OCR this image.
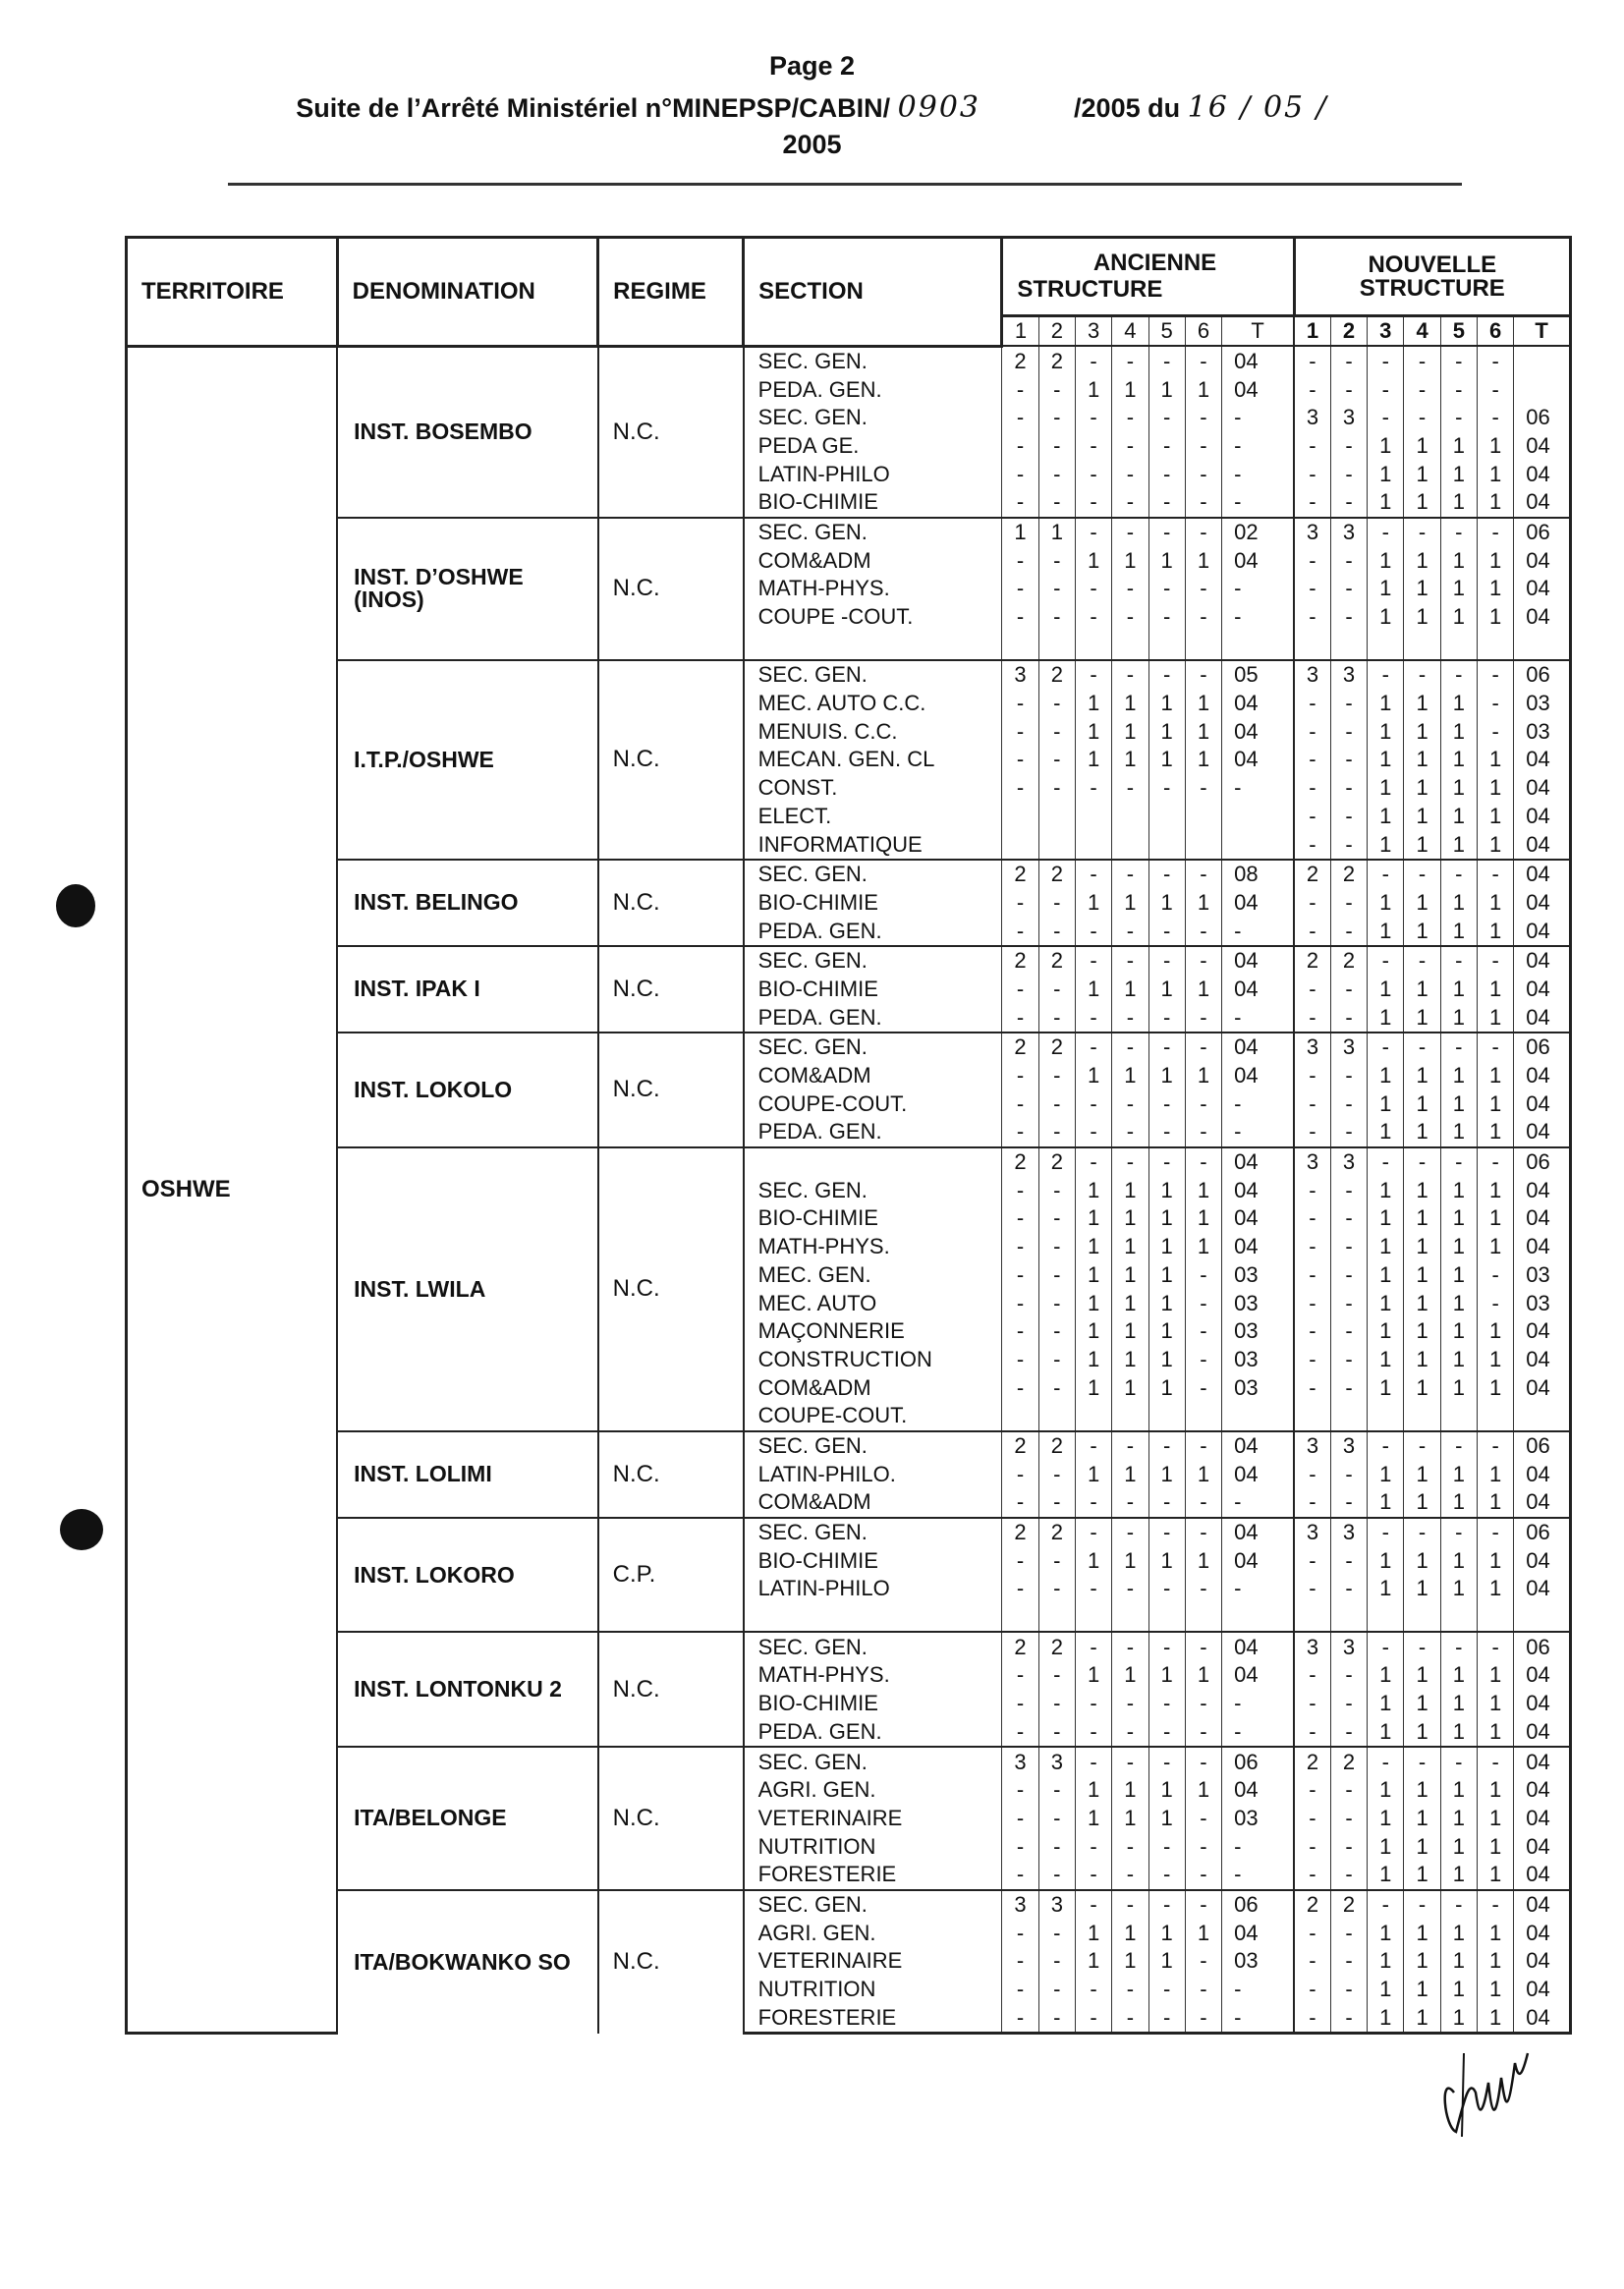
Page 2
Suite de l’Arrêté Ministériel n°MINEPSP/CABIN/ 0903	/2005 du 16 / 05 /
2005
TERRITOIRE	DENOMINATION	REGIME	SECTION	ANCIENNE
STRUCTURE							NOUVELLE STRUCTURE						
				1	2	3	4	5	6	T	1	2	3	4	5	6	T
OSHWE	INST. BOSEMBO	N.C.	SEC. GEN.	2	2	-	-	-	-	04	-	-	-	-	-	-	
			PEDA. GEN.	-	-	1	1	1	1	04	-	-	-	-	-	-	
			SEC. GEN.	-	-	-	-	-	-	-	3	3	-	-	-	-	06
			PEDA GE.	-	-	-	-	-	-	-	-	-	1	1	1	1	04
			LATIN-PHILO	-	-	-	-	-	-	-	-	-	1	1	1	1	04
			BIO-CHIMIE	-	-	-	-	-	-	-	-	-	1	1	1	1	04
	INST. D’OSHWE (INOS)	N.C.	SEC. GEN.	1	1	-	-	-	-	02	3	3	-	-	-	-	06
			COM&ADM	-	-	1	1	1	1	04	-	-	1	1	1	1	04
			MATH-PHYS.	-	-	-	-	-	-	-	-	-	1	1	1	1	04
			COUPE -COUT.	-	-	-	-	-	-	-	-	-	1	1	1	1	04

	I.T.P./OSHWE	N.C.	SEC. GEN.	3	2	-	-	-	-	05	3	3	-	-	-	-	06
			MEC. AUTO C.C.	-	-	1	1	1	1	04	-	-	1	1	1	-	03
			MENUIS. C.C.	-	-	1	1	1	1	04	-	-	1	1	1	-	03
			MECAN. GEN. CL	-	-	1	1	1	1	04	-	-	1	1	1	1	04
			CONST.	-	-	-	-	-	-	-	-	-	1	1	1	1	04
			ELECT.								-	-	1	1	1	1	04
			INFORMATIQUE								-	-	1	1	1	1	04
	INST. BELINGO	N.C.	SEC. GEN.	2	2	-	-	-	-	08	2	2	-	-	-	-	04
			BIO-CHIMIE	-	-	1	1	1	1	04	-	-	1	1	1	1	04
			PEDA. GEN.	-	-	-	-	-	-	-	-	-	1	1	1	1	04
	INST. IPAK I	N.C.	SEC. GEN.	2	2	-	-	-	-	04	2	2	-	-	-	-	04
			BIO-CHIMIE	-	-	1	1	1	1	04	-	-	1	1	1	1	04
			PEDA. GEN.	-	-	-	-	-	-	-	-	-	1	1	1	1	04
	INST. LOKOLO	N.C.	SEC. GEN.	2	2	-	-	-	-	04	3	3	-	-	-	-	06
			COM&ADM	-	-	1	1	1	1	04	-	-	1	1	1	1	04
			COUPE-COUT.	-	-	-	-	-	-	-	-	-	1	1	1	1	04
			PEDA. GEN.	-	-	-	-	-	-	-	-	-	1	1	1	1	04
	INST. LWILA	N.C.		2	2	-	-	-	-	04	3	3	-	-	-	-	06
			SEC. GEN.	-	-	1	1	1	1	04	-	-	1	1	1	1	04
			BIO-CHIMIE	-	-	1	1	1	1	04	-	-	1	1	1	1	04
			MATH-PHYS.	-	-	1	1	1	1	04	-	-	1	1	1	1	04
			MEC. GEN.	-	-	1	1	1	-	03	-	-	1	1	1	-	03
			MEC. AUTO	-	-	1	1	1	-	03	-	-	1	1	1	-	03
			MAÇONNERIE	-	-	1	1	1	-	03	-	-	1	1	1	1	04
			CONSTRUCTION	-	-	1	1	1	-	03	-	-	1	1	1	1	04
			COM&ADM	-	-	1	1	1	-	03	-	-	1	1	1	1	04
			COUPE-COUT.														
	INST. LOLIMI	N.C.	SEC. GEN.	2	2	-	-	-	-	04	3	3	-	-	-	-	06
			LATIN-PHILO.	-	-	1	1	1	1	04	-	-	1	1	1	1	04
			COM&ADM	-	-	-	-	-	-	-	-	-	1	1	1	1	04
	INST. LOKORO	C.P.	SEC. GEN.	2	2	-	-	-	-	04	3	3	-	-	-	-	06
			BIO-CHIMIE	-	-	1	1	1	1	04	-	-	1	1	1	1	04
			LATIN-PHILO	-	-	-	-	-	-	-	-	-	1	1	1	1	04

	INST. LONTONKU 2	N.C.	SEC. GEN.	2	2	-	-	-	-	04	3	3	-	-	-	-	06
			MATH-PHYS.	-	-	1	1	1	1	04	-	-	1	1	1	1	04
			BIO-CHIMIE	-	-	-	-	-	-	-	-	-	1	1	1	1	04
			PEDA. GEN.	-	-	-	-	-	-	-	-	-	1	1	1	1	04
	ITA/BELONGE	N.C.	SEC. GEN.	3	3	-	-	-	-	06	2	2	-	-	-	-	04
			AGRI. GEN.	-	-	1	1	1	1	04	-	-	1	1	1	1	04
			VETERINAIRE	-	-	1	1	1	-	03	-	-	1	1	1	1	04
			NUTRITION	-	-	-	-	-	-	-	-	-	1	1	1	1	04
			FORESTERIE	-	-	-	-	-	-	-	-	-	1	1	1	1	04
	ITA/BOKWANKO SO	N.C.	SEC. GEN.	3	3	-	-	-	-	06	2	2	-	-	-	-	04
			AGRI. GEN.	-	-	1	1	1	1	04	-	-	1	1	1	1	04
			VETERINAIRE	-	-	1	1	1	-	03	-	-	1	1	1	1	04
			NUTRITION	-	-	-	-	-	-	-	-	-	1	1	1	1	04
			FORESTERIE	-	-	-	-	-	-	-	-	-	1	1	1	1	04
